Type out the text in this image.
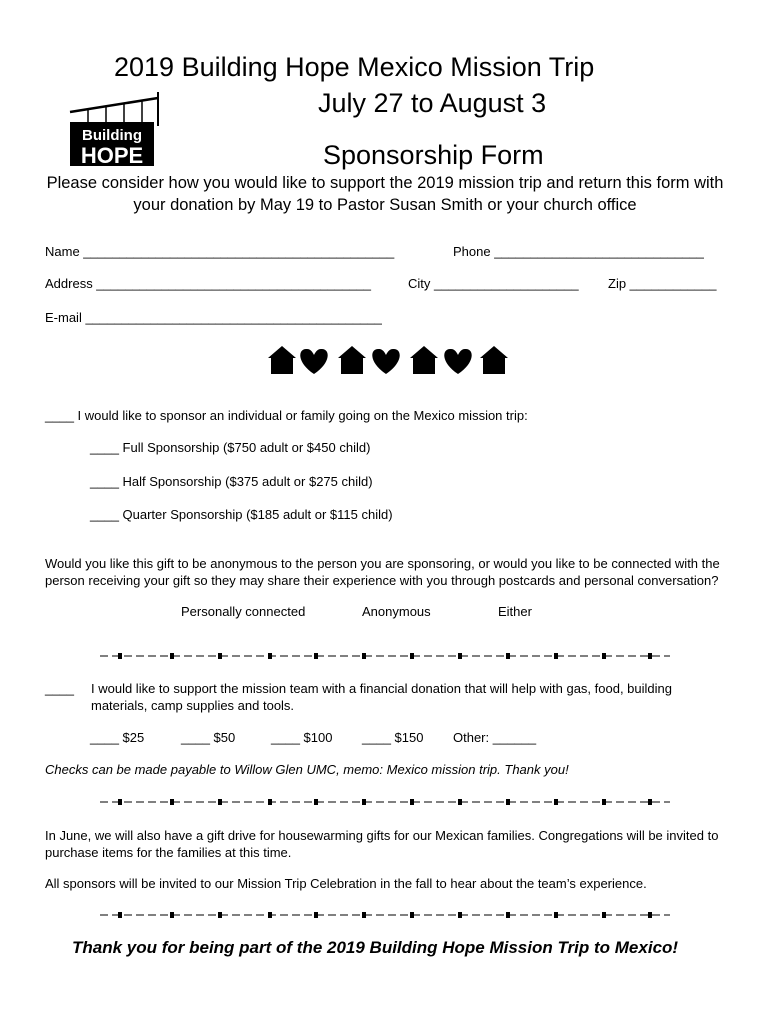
2019 Building Hope Mexico Mission Trip
July 27 to August 3
Sponsorship Form
Building
HOPE
Please consider how you would like to support the 2019 mission trip and return this form with your donation by May 19 to Pastor Susan Smith or your church office
Name ___________________________________________	Phone _____________________________
Address ______________________________________	City ____________________ Zip ____________
E-mail _________________________________________
____ I would like to sponsor an individual or family going on the Mexico mission trip:
____ Full Sponsorship ($750 adult or $450 child)
____ Half Sponsorship ($375 adult or $275 child)
____ Quarter Sponsorship ($185 adult or $115 child)
Would you like this gift to be anonymous to the person you are sponsoring, or would you like to be connected with the person receiving your gift so they may share their experience with you through postcards and personal conversation?
Personally connected	Anonymous	Either
____ I would like to support the mission team with a financial donation that will help with gas, food, building materials, camp supplies and tools.
____ $25	____ $50	____ $100 ____ $150 Other: ______
Checks can be made payable to Willow Glen UMC, memo: Mexico mission trip. Thank you!
In June, we will also have a gift drive for housewarming gifts for our Mexican families. Congregations will be invited to purchase items for the families at this time.
All sponsors will be invited to our Mission Trip Celebration in the fall to hear about the team’s experience.
Thank you for being part of the 2019 Building Hope Mission Trip to Mexico!
